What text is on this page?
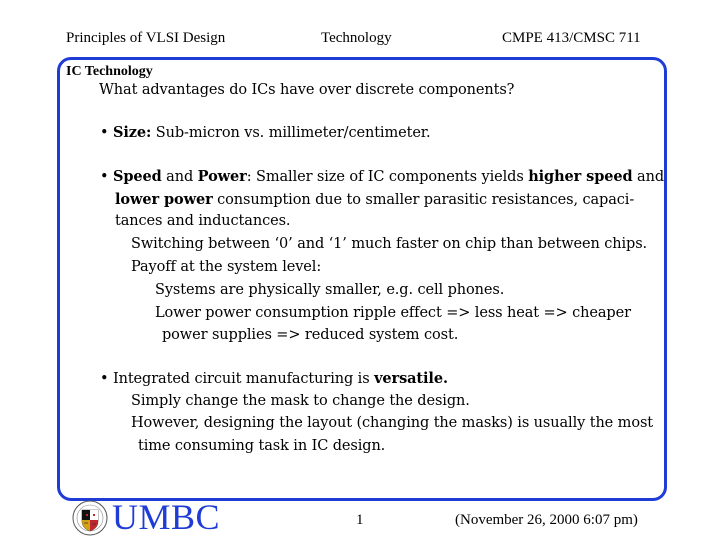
Principles of VLSI Design	Technology	CMPE 413/CMSC 711
IC Technology
What advantages do ICs have over discrete components?
• Size: Sub-micron vs. millimeter/centimeter.
• Speed and Power: Smaller size of IC components yields higher speed and
lower power consumption due to smaller parasitic resistances, capaci-
tances and inductances.
Switching between ‘0’ and ‘1’ much faster on chip than between chips.
Payoff at the system level:
Systems are physically smaller, e.g. cell phones.
Lower power consumption ripple effect => less heat => cheaper
power supplies => reduced system cost.
• Integrated circuit manufacturing is versatile.
Simply change the mask to change the design.
However, designing the layout (changing the masks) is usually the most
time consuming task in IC design.
UMBC	1	(November 26, 2000 6:07 pm)
